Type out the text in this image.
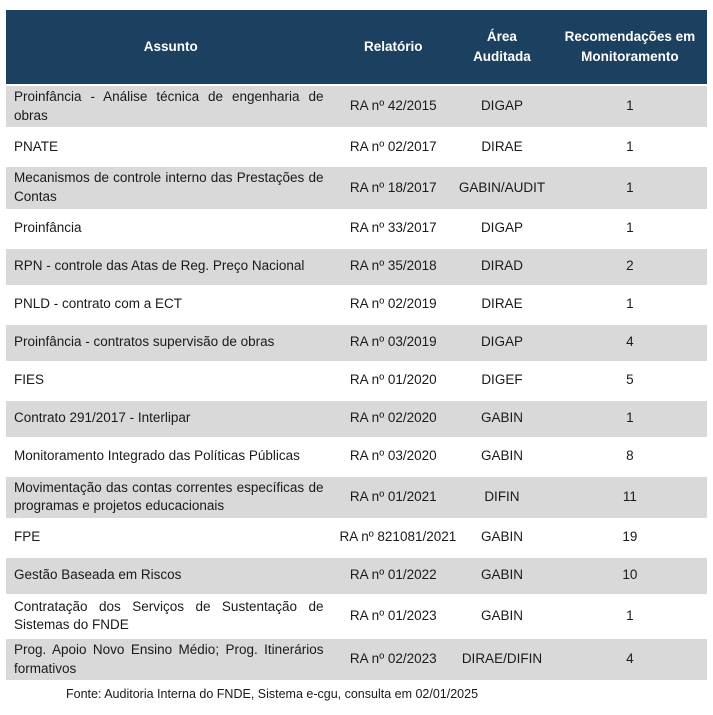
Assunto	Relatório	Área Auditada	Recomendações em Monitoramento
Proinfância - Análise técnica de engenharia de obras	RA nº 42/2015	DIGAP	1
PNATE	RA nº 02/2017	DIRAE	1
Mecanismos de controle interno das Prestações de Contas	RA nº 18/2017	GABIN/AUDIT	1
Proinfância	RA nº 33/2017	DIGAP	1
RPN - controle das Atas de Reg. Preço Nacional	RA nº 35/2018	DIRAD	2
PNLD - contrato com a ECT	RA nº 02/2019	DIRAE	1
Proinfância - contratos supervisão de obras	RA nº 03/2019	DIGAP	4
FIES	RA nº 01/2020	DIGEF	5
Contrato 291/2017 - Interlipar	RA nº 02/2020	GABIN	1
Monitoramento Integrado das Políticas Públicas	RA nº 03/2020	GABIN	8
Movimentação das contas correntes específicas de programas e projetos educacionais	RA nº 01/2021	DIFIN	11
FPE	RA nº 821081/2021	GABIN	19
Gestão Baseada em Riscos	RA nº 01/2022	GABIN	10
Contratação dos Serviços de Sustentação de Sistemas do FNDE	RA nº 01/2023	GABIN	1
Prog. Apoio Novo Ensino Médio; Prog. Itinerários formativos	RA nº 02/2023	DIRAE/DIFIN	4
Fonte: Auditoria Interna do FNDE, Sistema e-cgu, consulta em 02/01/2025
